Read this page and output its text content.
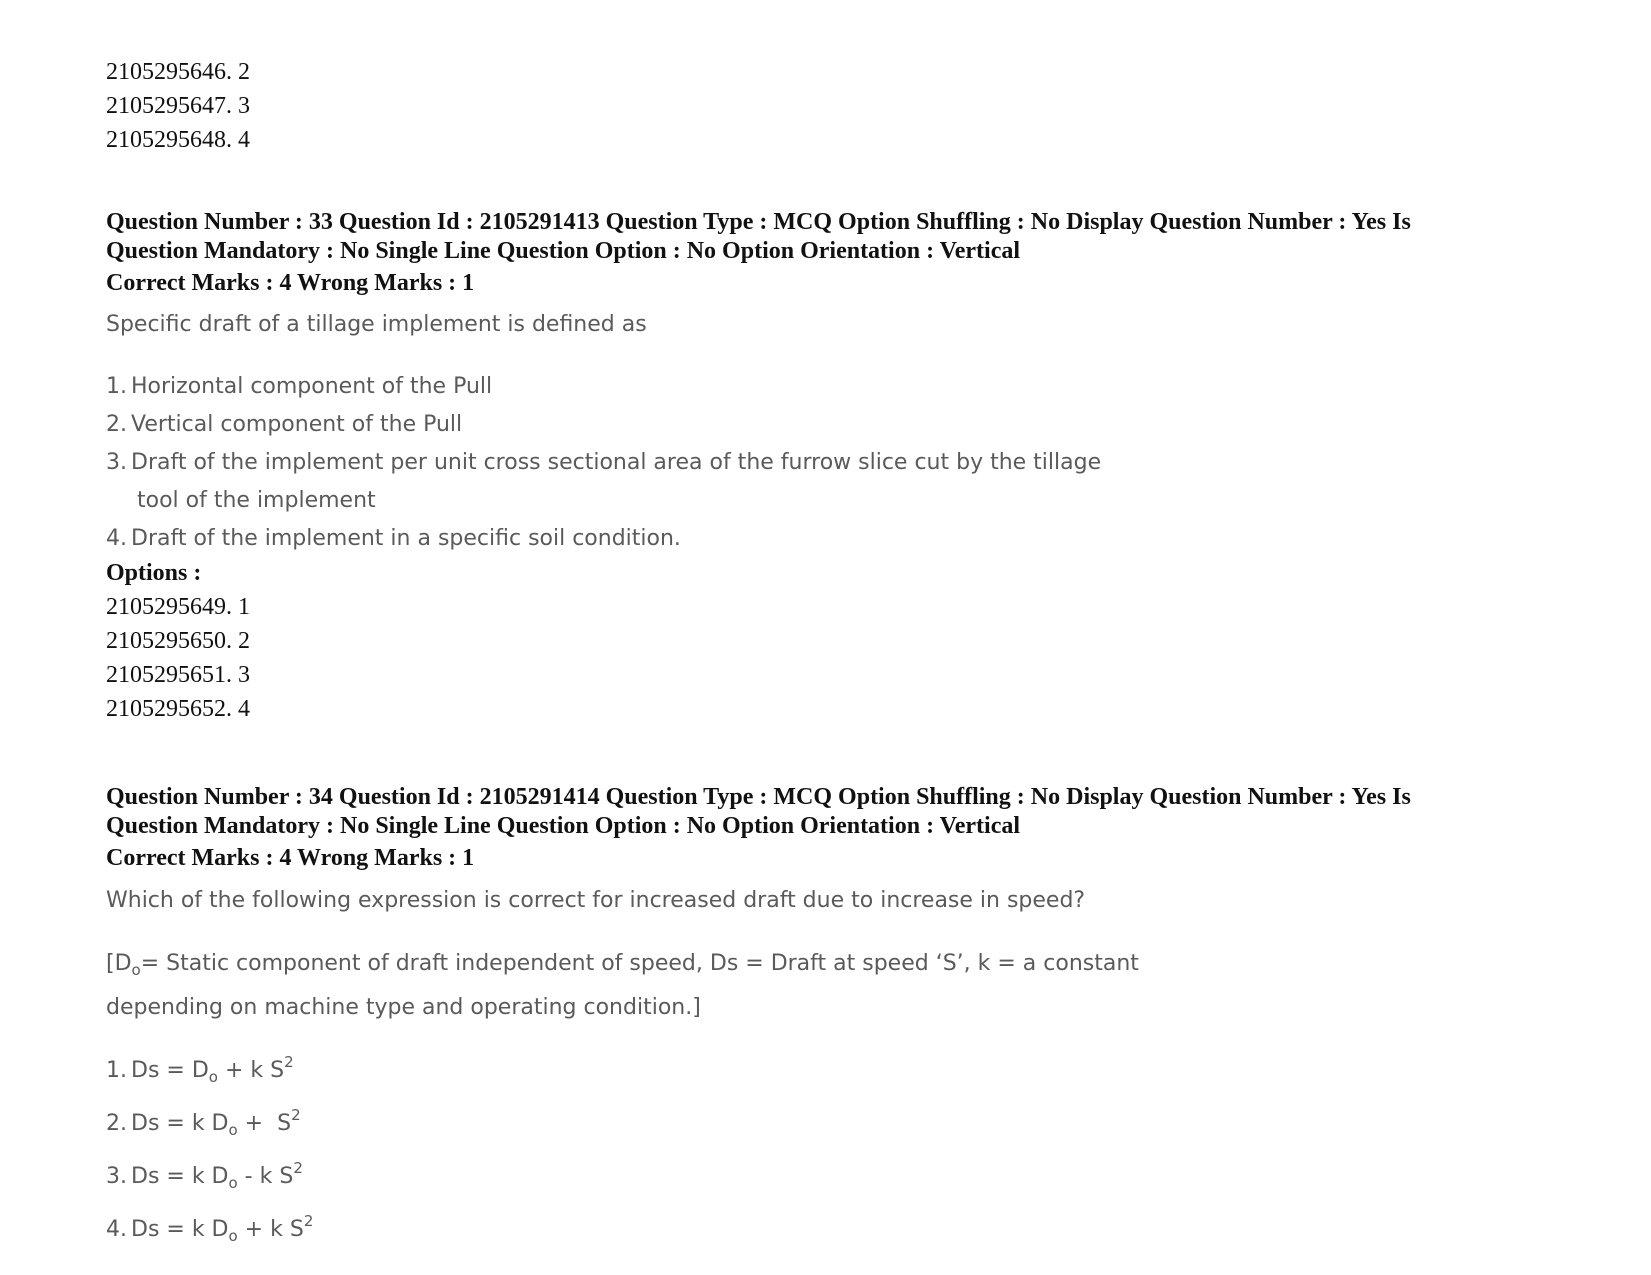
2105295646. 2
2105295647. 3
2105295648. 4
Question Number : 33 Question Id : 2105291413 Question Type : MCQ Option Shuffling : No Display Question Number : Yes Is
Question Mandatory : No Single Line Question Option : No Option Orientation : Vertical
Correct Marks : 4 Wrong Marks : 1
Specific draft of a tillage implement is defined as
1. Horizontal component of the Pull
2. Vertical component of the Pull
3. Draft of the implement per unit cross sectional area of the furrow slice cut by the tillage
tool of the implement
4. Draft of the implement in a specific soil condition.
Options :
2105295649. 1
2105295650. 2
2105295651. 3
2105295652. 4
Question Number : 34 Question Id : 2105291414 Question Type : MCQ Option Shuffling : No Display Question Number : Yes Is
Question Mandatory : No Single Line Question Option : No Option Orientation : Vertical
Correct Marks : 4 Wrong Marks : 1
Which of the following expression is correct for increased draft due to increase in speed?
[$D_o=$ Static component of draft independent of speed, Ds = Draft at speed ‘S’, k = a constant
depending on machine type and operating condition.]
1. $Ds = D_o + k$ $S^2$
2. Ds = k $D_o + S^2$
3. Ds = k $D_o$ - k $S^2$
4. Ds = k $D_o + k$ $S^2$
